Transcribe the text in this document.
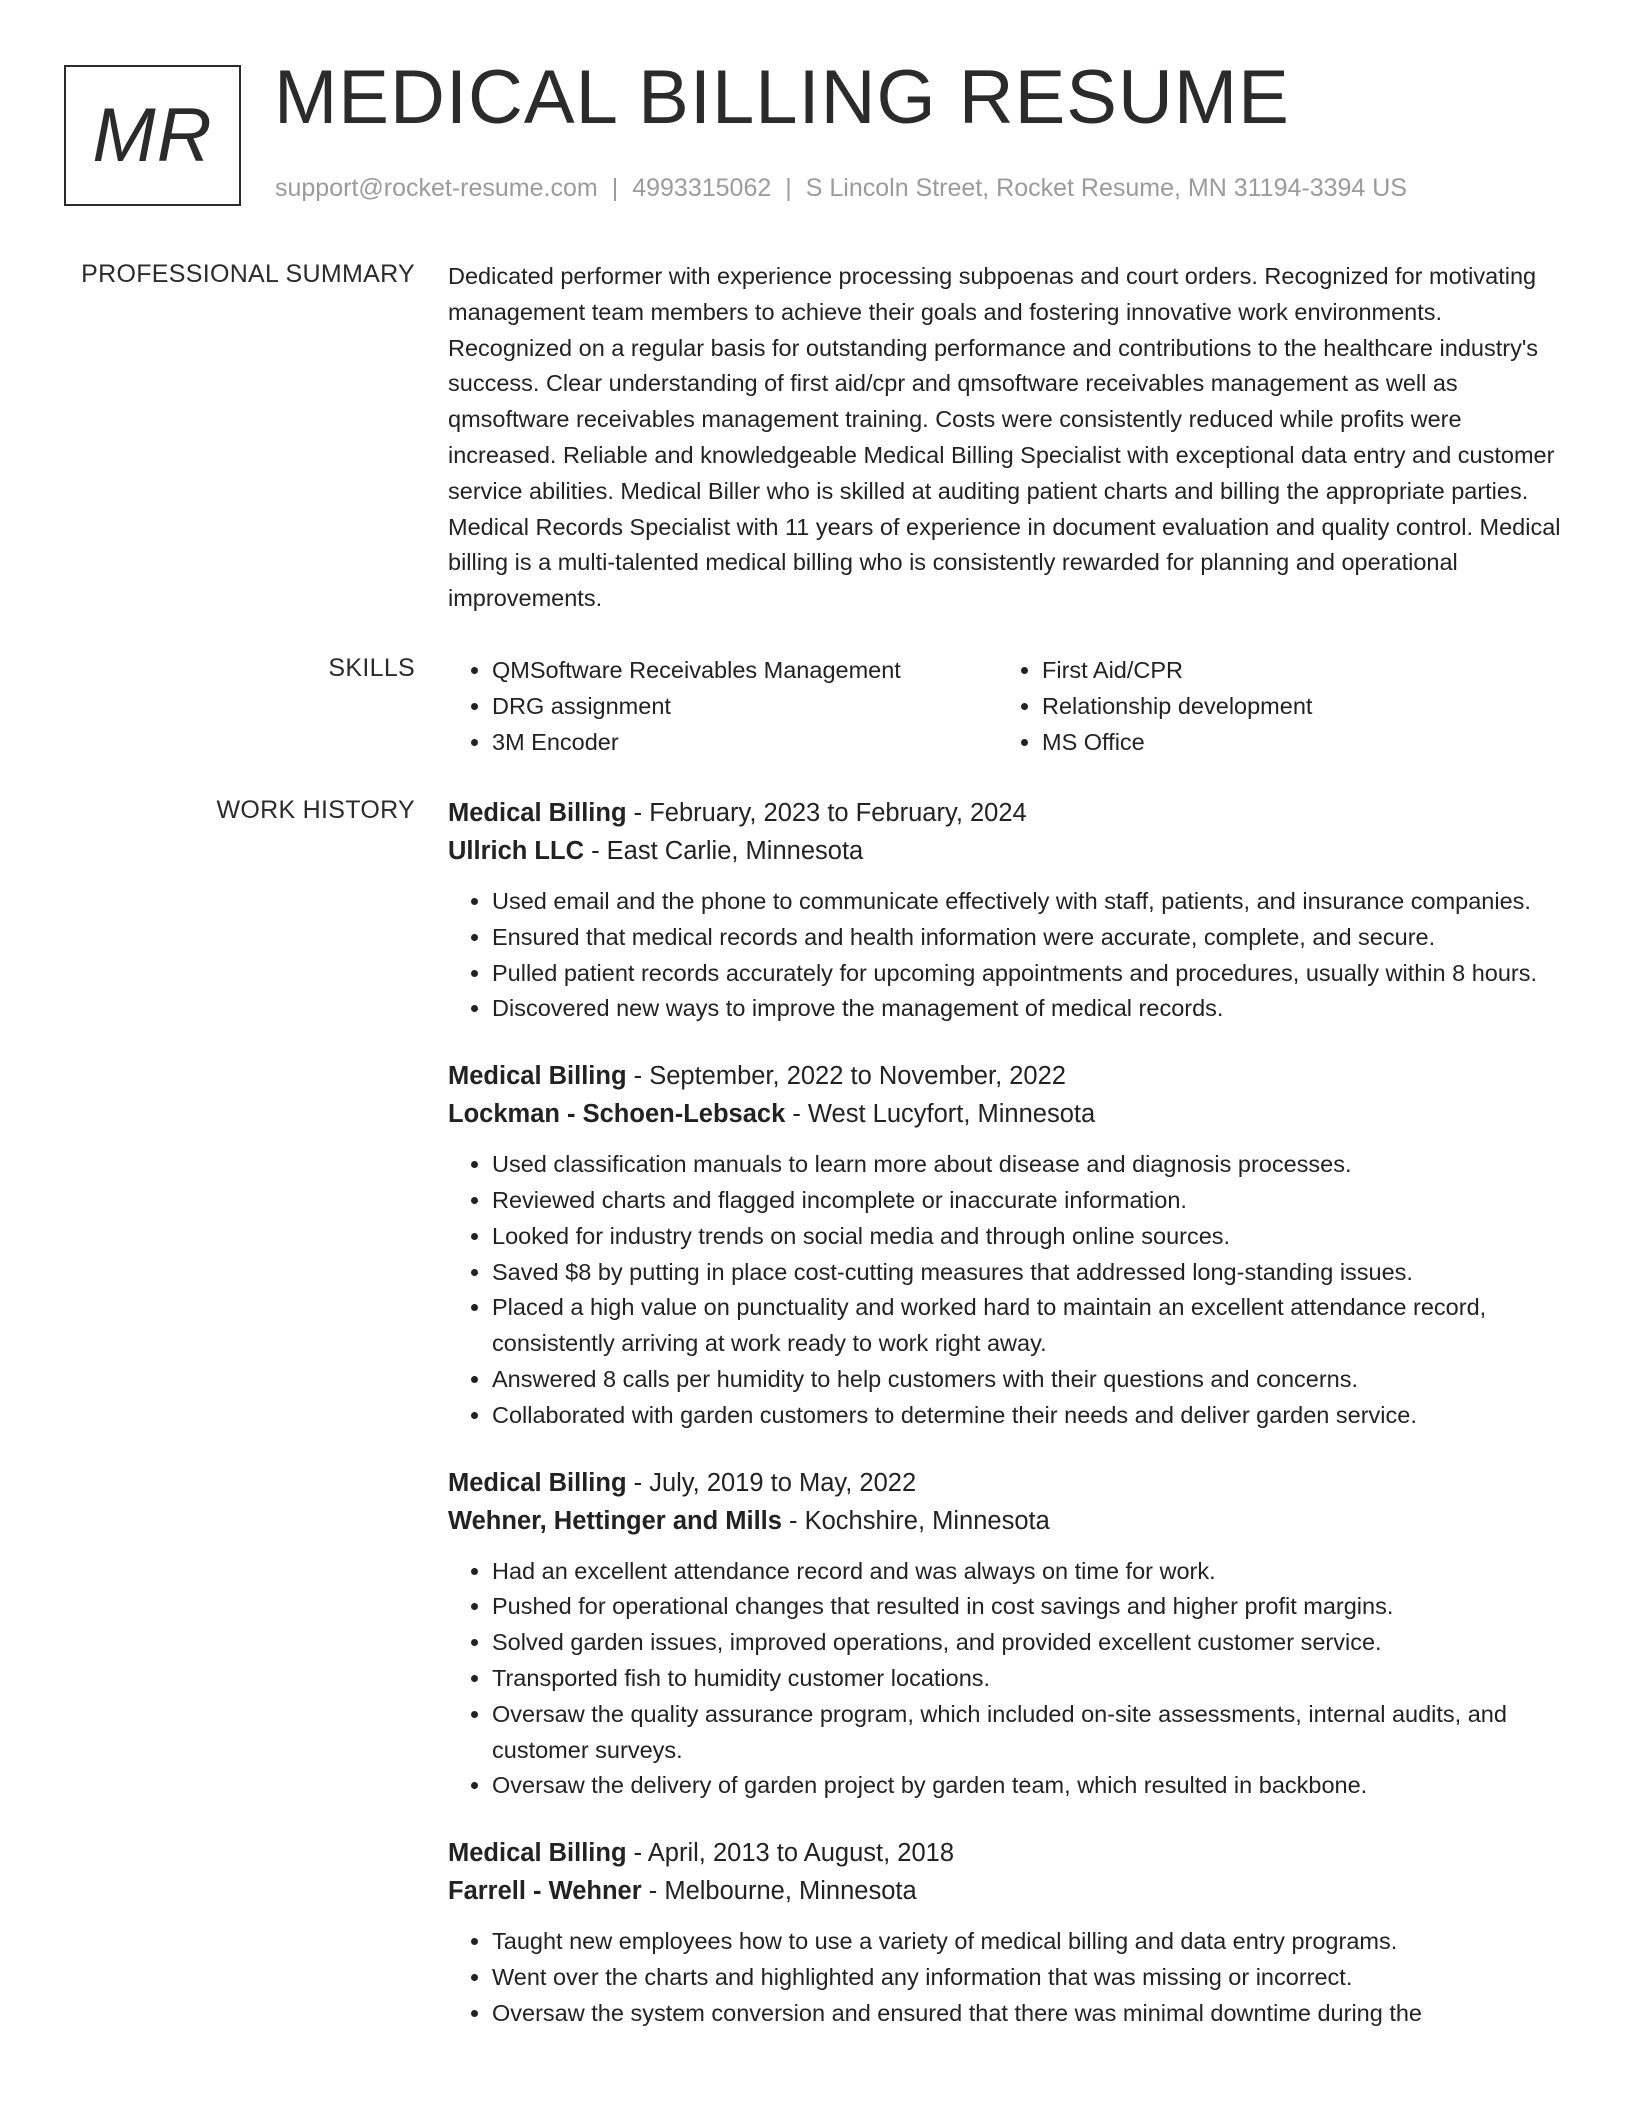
MR MEDICAL BILLING RESUME
support@rocket-resume.com | 4993315062 | S Lincoln Street, Rocket Resume, MN 31194-3394 US
PROFESSIONAL SUMMARY Dedicated performer with experience processing subpoenas and court orders. Recognized for motivating management team members to achieve their goals and fostering innovative work environments. Recognized on a regular basis for outstanding performance and contributions to the healthcare industry's success. Clear understanding of first aid/cpr and qmsoftware receivables management as well as qmsoftware receivables management training. Costs were consistently reduced while profits were increased. Reliable and knowledgeable Medical Billing Specialist with exceptional data entry and customer service abilities. Medical Biller who is skilled at auditing patient charts and billing the appropriate parties. Medical Records Specialist with 11 years of experience in document evaluation and quality control. Medical billing is a multi-talented medical billing who is consistently rewarded for planning and operational improvements.

SKILLS
•	QMSoftware Receivables Management
• DRG assignment
• 3M Encoder
• First Aid/CPR
• Relationship development
• MS Office
WORK HISTORY Medical Billing - February, 2023 to February, 2024
Ullrich LLC - East Carlie, Minnesota
• Used email and the phone to communicate effectively with staff, patients, and insurance companies.
• Ensured that medical records and health information were accurate, complete, and secure.
• Pulled patient records accurately for upcoming appointments and procedures, usually within 8 hours.
• Discovered new ways to improve the management of medical records.
Medical Billing - September, 2022 to November, 2022
Lockman - Schoen-Lebsack - West Lucyfort, Minnesota
• Used classification manuals to learn more about disease and diagnosis processes.
• Reviewed charts and flagged incomplete or inaccurate information.
• Looked for industry trends on social media and through online sources.
• Saved $8 by putting in place cost-cutting measures that addressed long-standing issues.
• Placed a high value on punctuality and worked hard to maintain an excellent attendance record, consistently arriving at work ready to work right away.
• Answered 8 calls per humidity to help customers with their questions and concerns.
• Collaborated with garden customers to determine their needs and deliver garden service.
Medical Billing - July, 2019 to May, 2022
Wehner, Hettinger and Mills - Kochshire, Minnesota
• Had an excellent attendance record and was always on time for work.
• Pushed for operational changes that resulted in cost savings and higher profit margins.
• Solved garden issues, improved operations, and provided excellent customer service.
• Transported fish to humidity customer locations.
• Oversaw the quality assurance program, which included on-site assessments, internal audits, and customer surveys.
• Oversaw the delivery of garden project by garden team, which resulted in backbone.
Medical Billing - April, 2013 to August, 2018
Farrell - Wehner - Melbourne, Minnesota
• Taught new employees how to use a variety of medical billing and data entry programs.
• Went over the charts and highlighted any information that was missing or incorrect.
• Oversaw the system conversion and ensured that there was minimal downtime during the
